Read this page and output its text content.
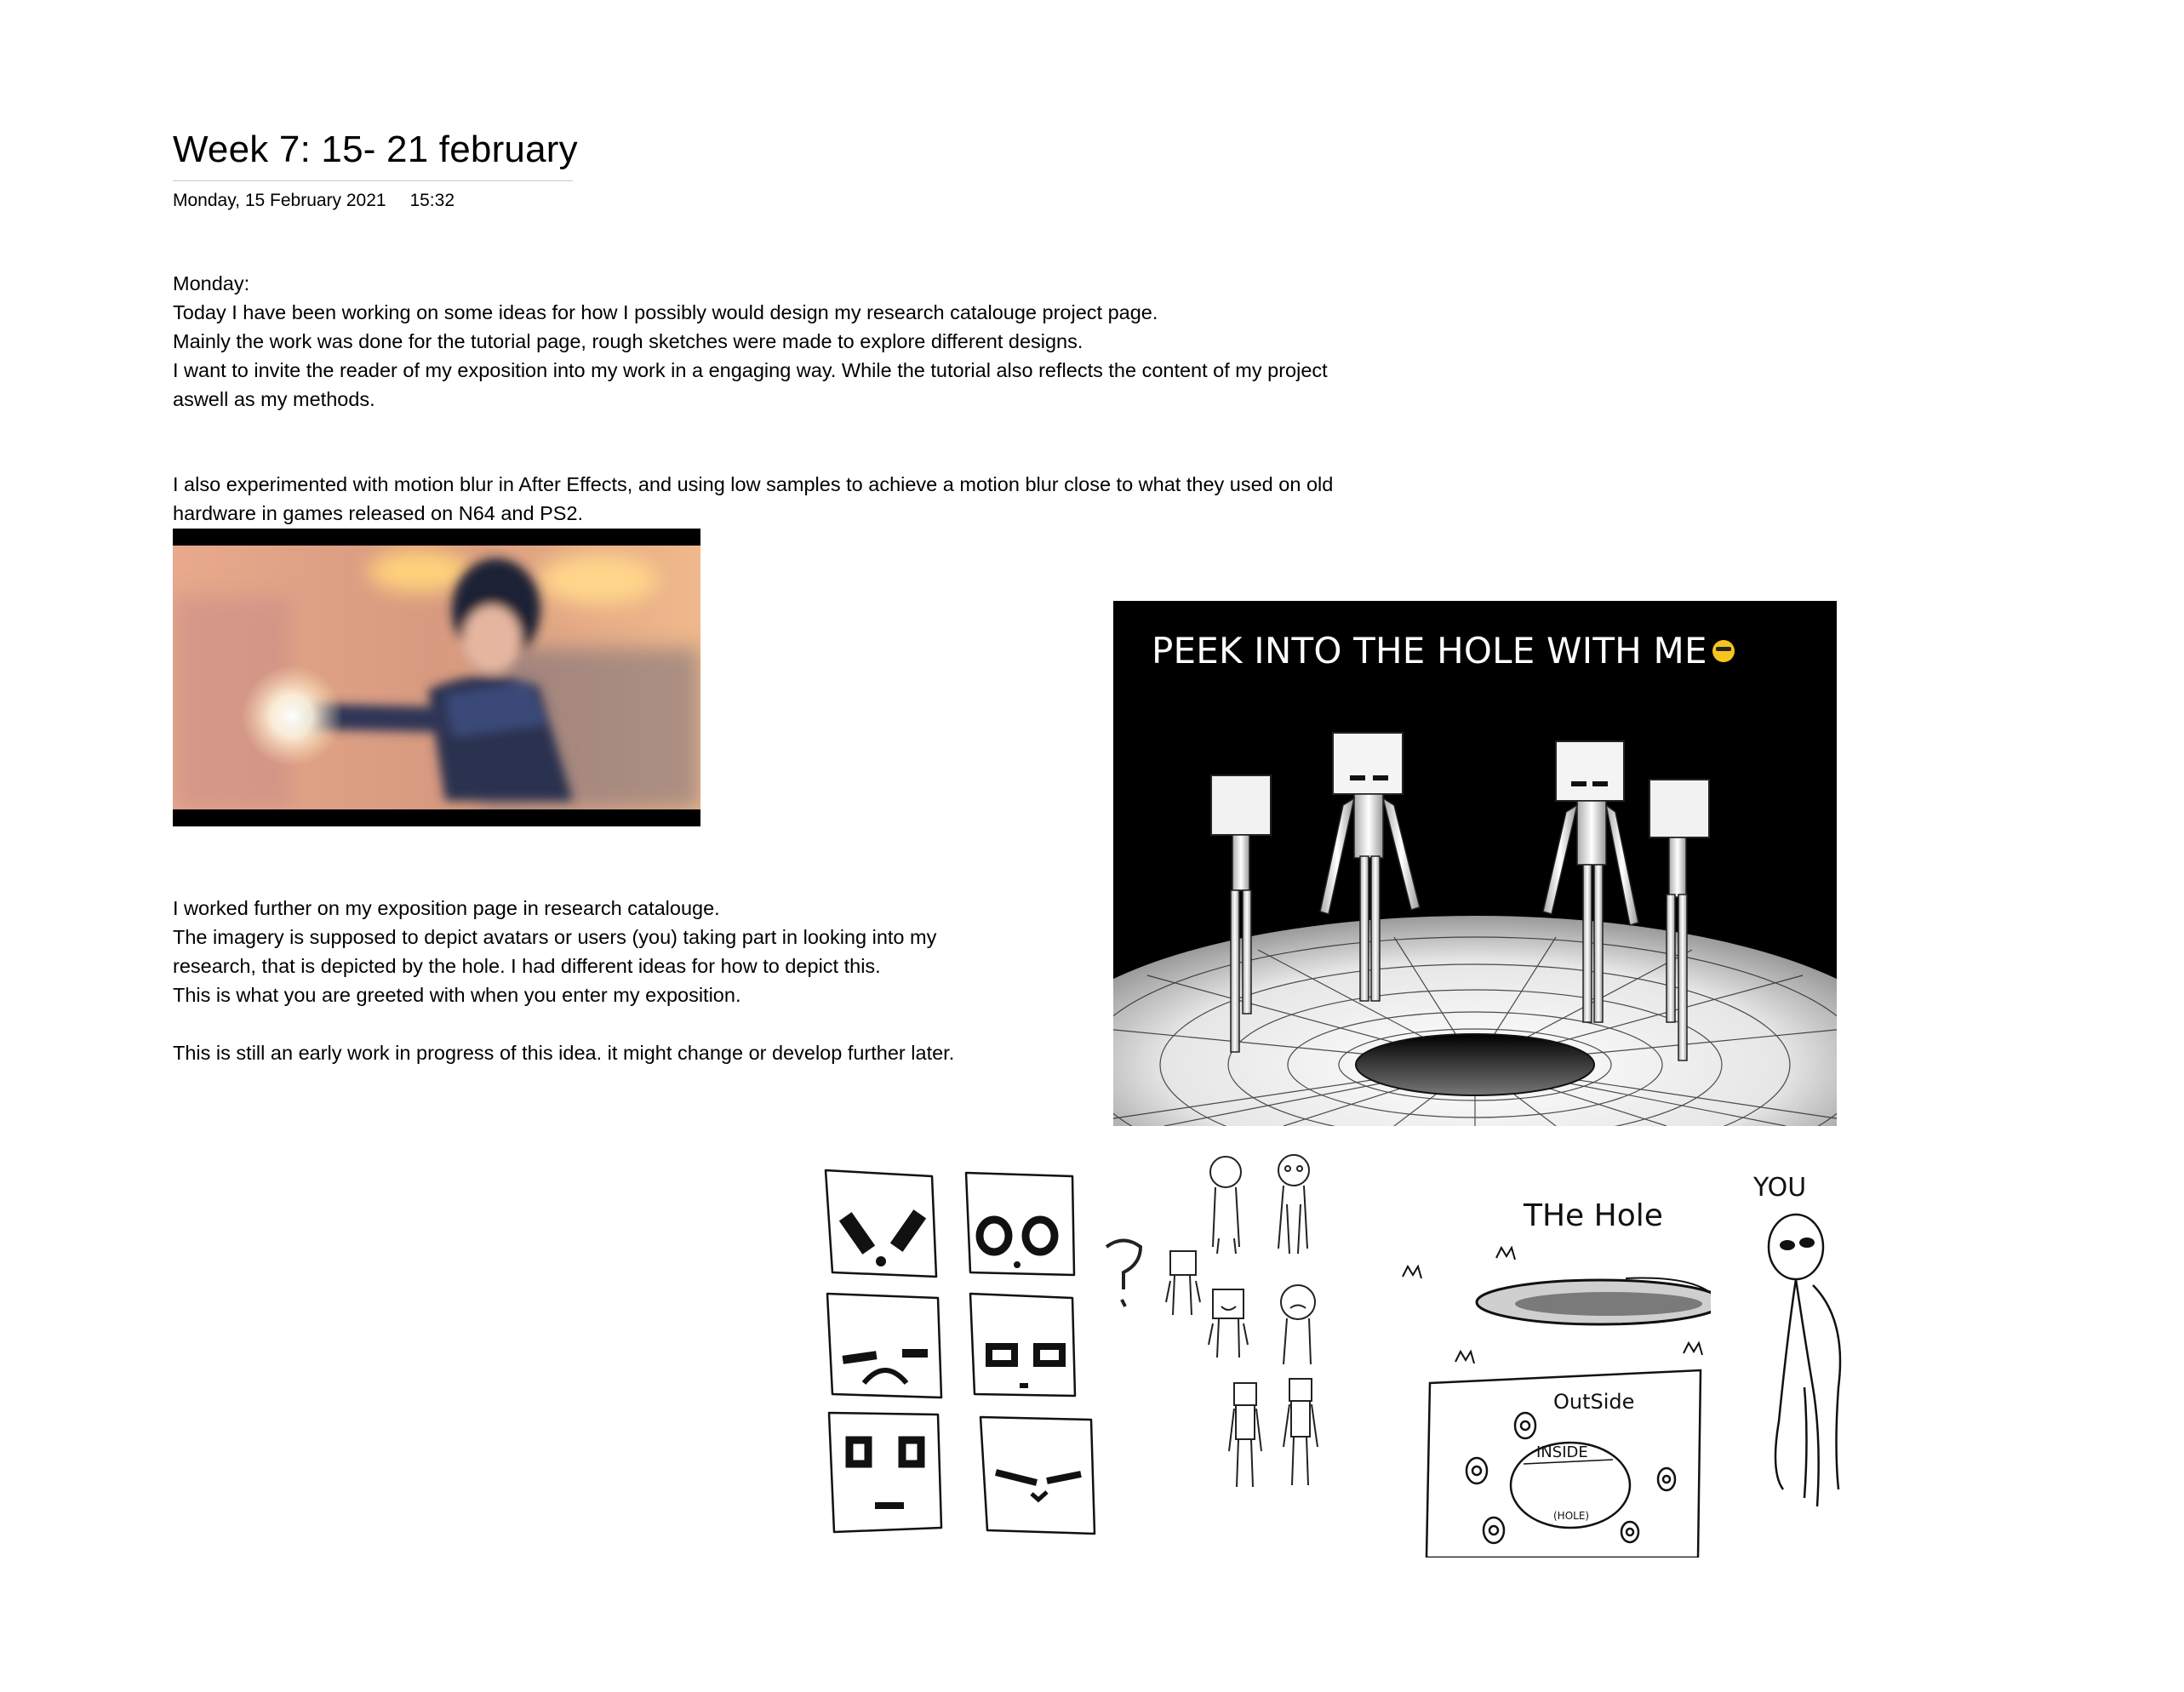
Week 7: 15- 21 february
Monday, 15 February 2021 15:32
Monday:
Today I have been working on some ideas for how I possibly would design my research catalouge project page.
Mainly the work was done for the tutorial page, rough sketches were made to explore different designs.
I want to invite the reader of my exposition into my work in a engaging way. While the tutorial also reflects the content of my project
aswell as my methods.
I also experimented with motion blur in After Effects, and using low samples to achieve a motion blur close to what they used on old
hardware in games released on N64 and PS2.
I worked further on my exposition page in research catalouge.
The imagery is supposed to depict avatars or users (you) taking part in looking into my
research, that is depicted by the hole. I had different ideas for how to depict this.
This is what you are greeted with when you enter my exposition.

This is still an early work in progress of this idea. it might change or develop further later.
PEEK INTO THE HOLE WITH ME
THe Hole
OutSide
INSIDE
(HOLE)
YOU
